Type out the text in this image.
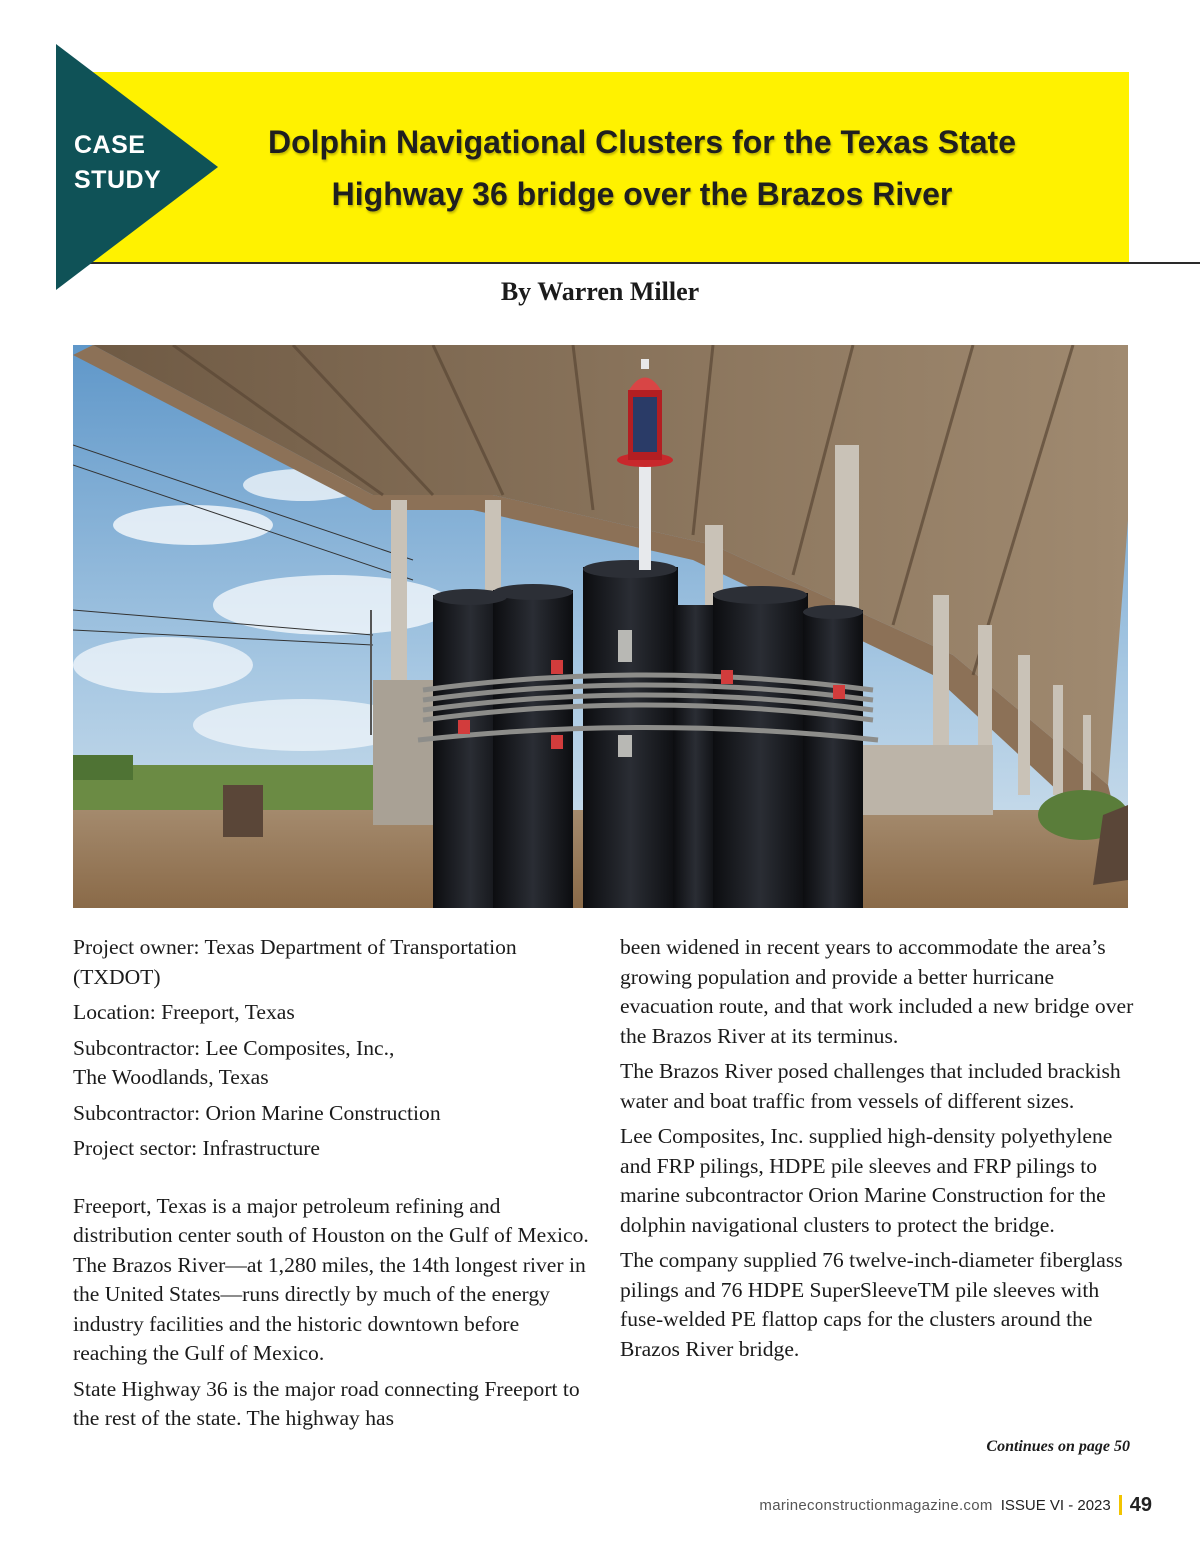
CASE
STUDY
Dolphin Navigational Clusters for the Texas State
Highway 36 bridge over the Brazos River
By Warren Miller

Project owner: Texas Department of Transportation (TXDOT)

Location: Freeport, Texas

Subcontractor: Lee Composites, Inc.,
The Woodlands, Texas

Subcontractor: Orion Marine Construction

Project sector: Infrastructure

Freeport, Texas is a major petroleum refining and distribution center south of Houston on the Gulf of Mexico. The Brazos River—at 1,280 miles, the 14th longest river in the United States—runs directly by much of the energy industry facilities and the historic downtown before reaching the Gulf of Mexico.

State Highway 36 is the major road connecting Freeport to the rest of the state. The highway has

been widened in recent years to accommodate the area’s growing population and provide a better hurricane evacuation route, and that work included a new bridge over the Brazos River at its terminus.

The Brazos River posed challenges that included brackish water and boat traffic from vessels of different sizes.

Lee Composites, Inc. supplied high-density polyethylene and FRP pilings, HDPE pile sleeves and FRP pilings to marine subcontractor Orion Marine Construction for the dolphin navigational clusters to protect the bridge.

The company supplied 76 twelve-inch-diameter fiberglass pilings and 76 HDPE SuperSleeveTM pile sleeves with fuse-welded PE flattop caps for the clusters around the Brazos River bridge.

Continues on page 50
marineconstructionmagazine.com ISSUE VI - 2023 49
